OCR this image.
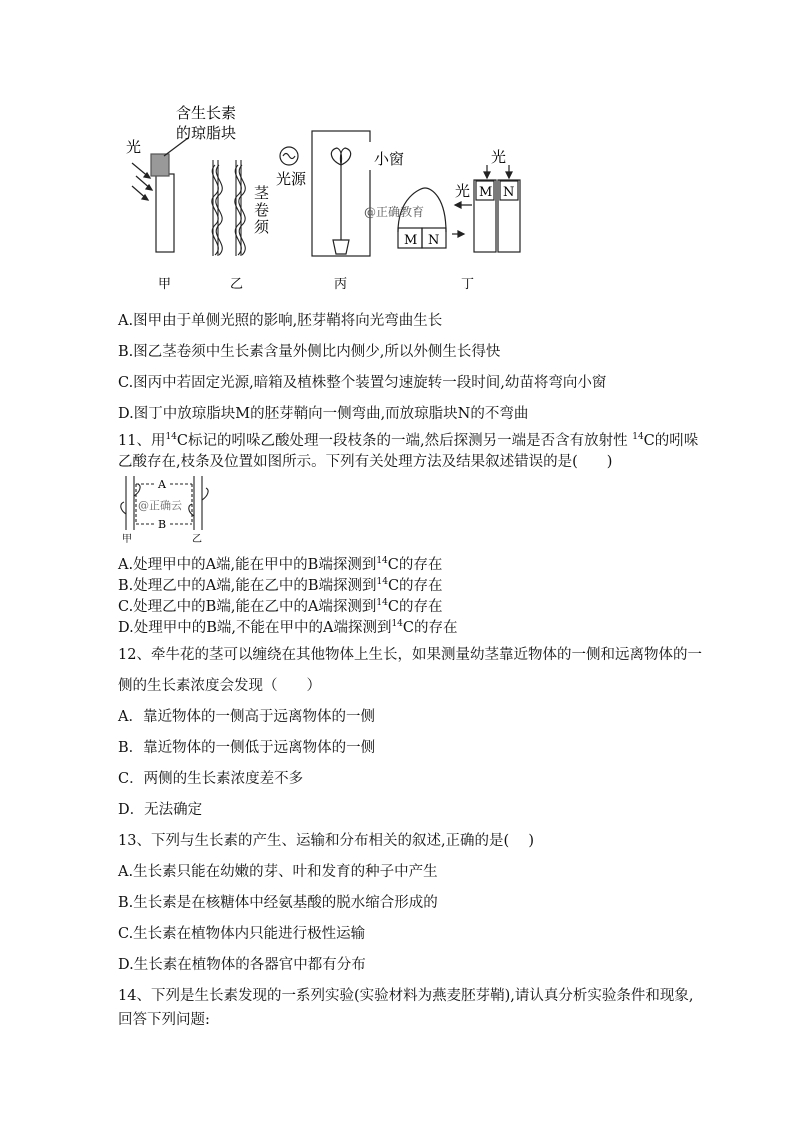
含生长素
的琼脂块
光
茎
卷
须
光源
小窗
@正确教育
M N
M N
光
光
甲	乙	丙	丁
A.图甲由于单侧光照的影响,胚芽鞘将向光弯曲生长
B.图乙茎卷须中生长素含量外侧比内侧少,所以外侧生长得快
C.图丙中若固定光源,暗箱及植株整个装置匀速旋转一段时间,幼苗将弯向小窗
D.图丁中放琼脂块M的胚芽鞘向一侧弯曲,而放琼脂块N的不弯曲
11、用$^{14}$C标记的吲哚乙酸处理一段枝条的一端,然后探测另一端是否含有放射性 $^{14}$C的吲哚
乙酸存在,枝条及位置如图所示。下列有关处理方法及结果叙述错误的是(　　)
A
B
@正确云
甲	乙
A.处理甲中的A端,能在甲中的B端探测到$^{14}$C的存在
B.处理乙中的A端,能在乙中的B端探测到$^{14}$C的存在
C.处理乙中的B端,能在乙中的A端探测到$^{14}$C的存在
D.处理甲中的B端,不能在甲中的A端探测到$^{14}$C的存在
12、牵牛花的茎可以缠绕在其他物体上生长，如果测量幼茎靠近物体的一侧和远离物体的一
侧的生长素浓度会发现（　　）
A．靠近物体的一侧高于远离物体的一侧
B．靠近物体的一侧低于远离物体的一侧
C．两侧的生长素浓度差不多
D．无法确定
13、下列与生长素的产生、运输和分布相关的叙述,正确的是(　 )
A.生长素只能在幼嫩的芽、叶和发育的种子中产生
B.生长素是在核糖体中经氨基酸的脱水缩合形成的
C.生长素在植物体内只能进行极性运输
D.生长素在植物体的各器官中都有分布
14、下列是生长素发现的一系列实验(实验材料为燕麦胚芽鞘),请认真分析实验条件和现象,
回答下列问题:
